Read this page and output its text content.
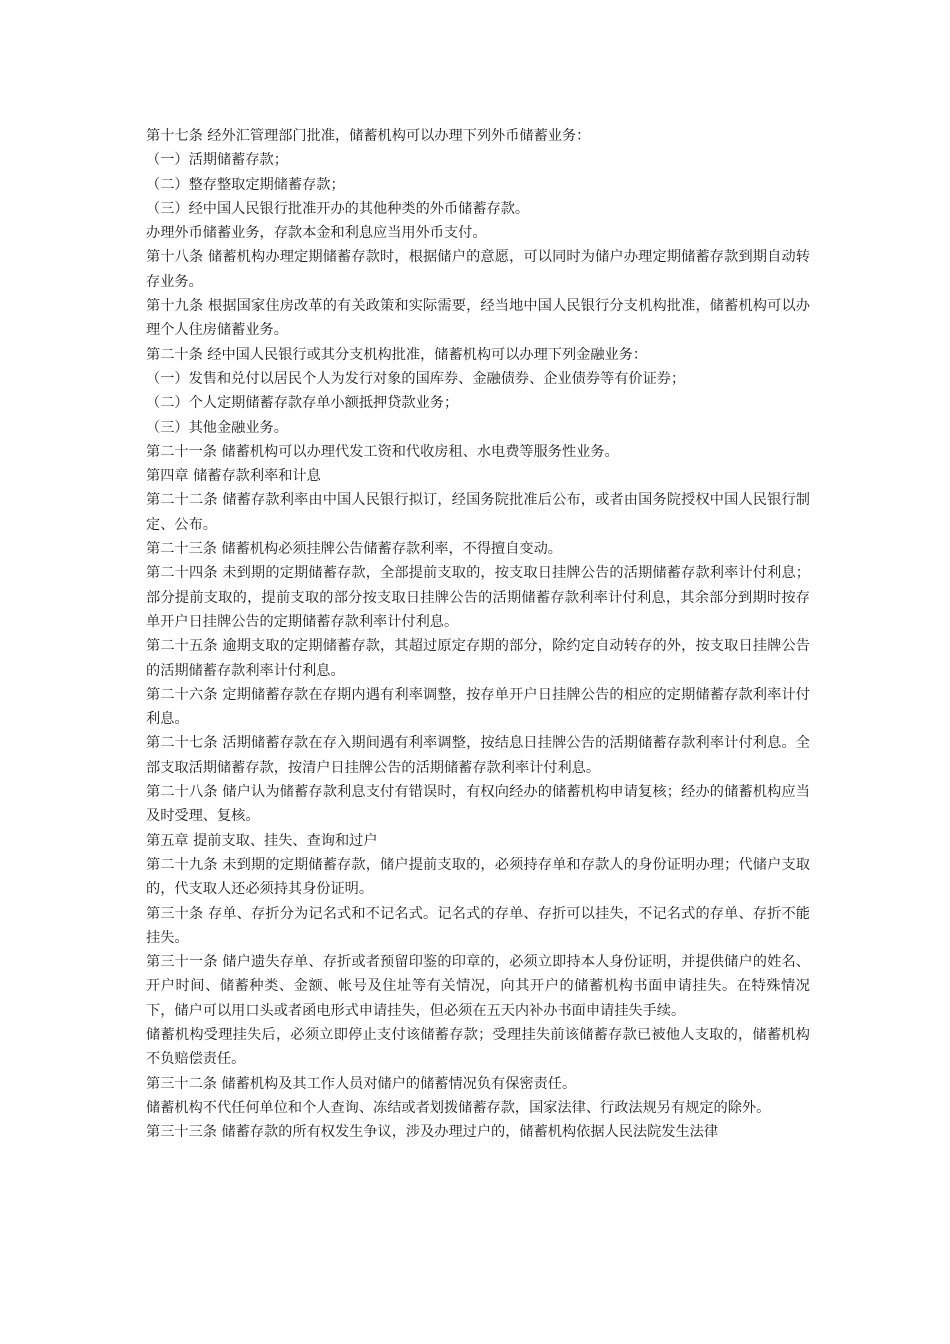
第十七条 经外汇管理部门批准，储蓄机构可以办理下列外币储蓄业务：

（一）活期储蓄存款；

（二）整存整取定期储蓄存款；

（三）经中国人民银行批准开办的其他种类的外币储蓄存款。

办理外币储蓄业务，存款本金和利息应当用外币支付。

第十八条 储蓄机构办理定期储蓄存款时，根据储户的意愿，可以同时为储户办理定期储蓄存款到期自动转存业务。

第十九条 根据国家住房改革的有关政策和实际需要，经当地中国人民银行分支机构批准，储蓄机构可以办理个人住房储蓄业务。

第二十条 经中国人民银行或其分支机构批准，储蓄机构可以办理下列金融业务：

（一）发售和兑付以居民个人为发行对象的国库券、金融债券、企业债券等有价证券；

（二）个人定期储蓄存款存单小额抵押贷款业务；

（三）其他金融业务。

第二十一条 储蓄机构可以办理代发工资和代收房租、水电费等服务性业务。

第四章 储蓄存款利率和计息

第二十二条 储蓄存款利率由中国人民银行拟订，经国务院批准后公布，或者由国务院授权中国人民银行制定、公布。

第二十三条 储蓄机构必须挂牌公告储蓄存款利率，不得擅自变动。

第二十四条 未到期的定期储蓄存款，全部提前支取的，按支取日挂牌公告的活期储蓄存款利率计付利息；部分提前支取的，提前支取的部分按支取日挂牌公告的活期储蓄存款利率计付利息，其余部分到期时按存单开户日挂牌公告的定期储蓄存款利率计付利息。

第二十五条 逾期支取的定期储蓄存款，其超过原定存期的部分，除约定自动转存的外，按支取日挂牌公告的活期储蓄存款利率计付利息。

第二十六条 定期储蓄存款在存期内遇有利率调整，按存单开户日挂牌公告的相应的定期储蓄存款利率计付利息。

第二十七条 活期储蓄存款在存入期间遇有利率调整，按结息日挂牌公告的活期储蓄存款利率计付利息。全部支取活期储蓄存款，按清户日挂牌公告的活期储蓄存款利率计付利息。

第二十八条 储户认为储蓄存款利息支付有错误时，有权向经办的储蓄机构申请复核；经办的储蓄机构应当及时受理、复核。

第五章 提前支取、挂失、查询和过户

第二十九条 未到期的定期储蓄存款，储户提前支取的，必须持存单和存款人的身份证明办理；代储户支取的，代支取人还必须持其身份证明。

第三十条 存单、存折分为记名式和不记名式。记名式的存单、存折可以挂失，不记名式的存单、存折不能挂失。

第三十一条 储户遗失存单、存折或者预留印鉴的印章的，必须立即持本人身份证明，并提供储户的姓名、开户时间、储蓄种类、金额、帐号及住址等有关情况，向其开户的储蓄机构书面申请挂失。在特殊情况下，储户可以用口头或者函电形式申请挂失，但必须在五天内补办书面申请挂失手续。

储蓄机构受理挂失后，必须立即停止支付该储蓄存款；受理挂失前该储蓄存款已被他人支取的，储蓄机构不负赔偿责任。

第三十二条 储蓄机构及其工作人员对储户的储蓄情况负有保密责任。

储蓄机构不代任何单位和个人查询、冻结或者划拨储蓄存款，国家法律、行政法规另有规定的除外。

第三十三条 储蓄存款的所有权发生争议，涉及办理过户的，储蓄机构依据人民法院发生法律
